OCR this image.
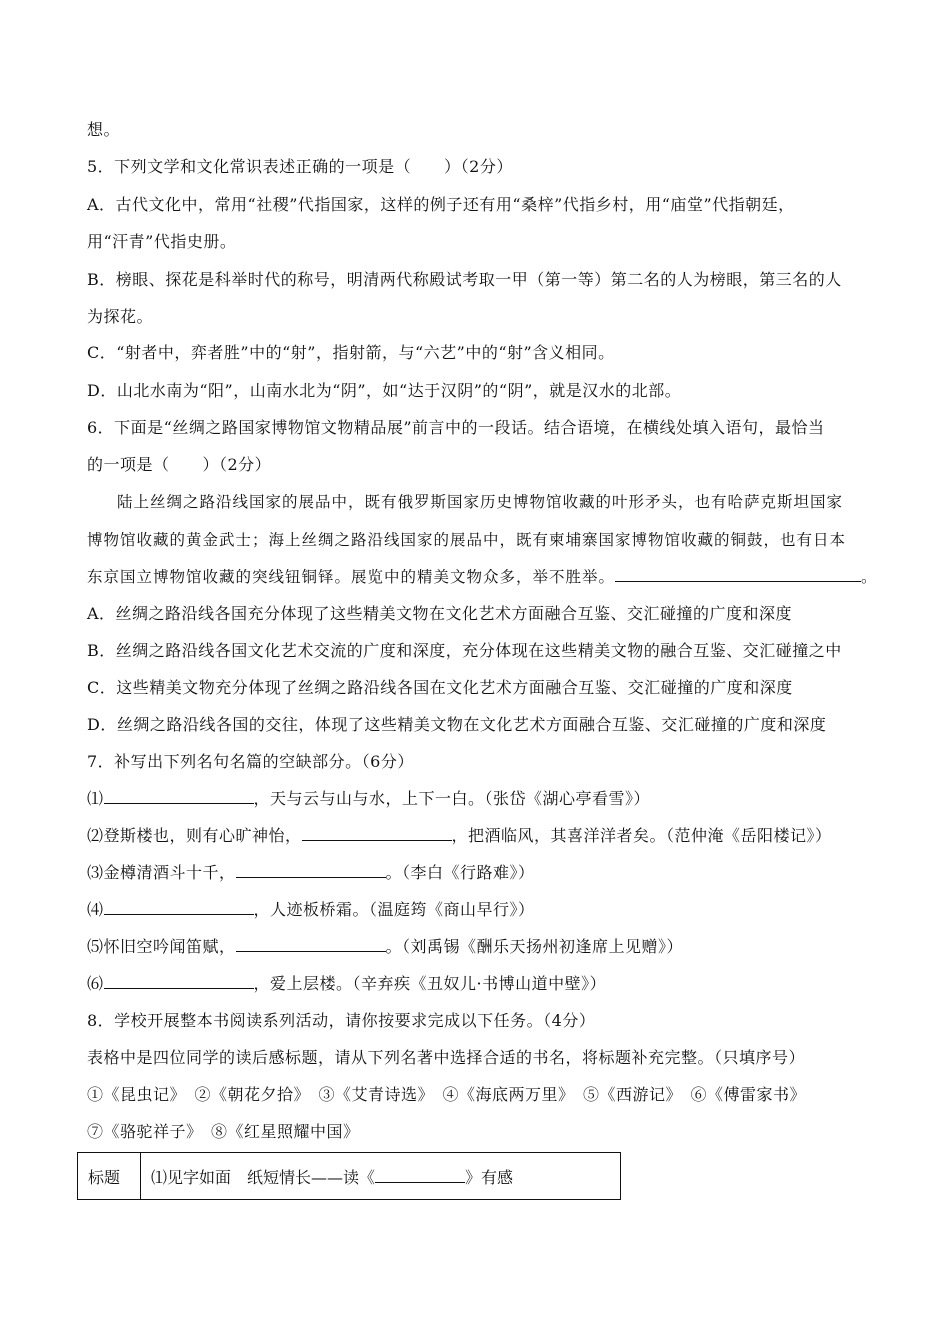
想。
5．下列文学和文化常识表述正确的一项是（　　）（2分）
A．古代文化中，常用“社稷”代指国家，这样的例子还有用“桑梓”代指乡村，用“庙堂”代指朝廷，
用“汗青”代指史册。
B．榜眼、探花是科举时代的称号，明清两代称殿试考取一甲（第一等）第二名的人为榜眼，第三名的人
为探花。
C．“射者中，弈者胜”中的“射”，指射箭，与“六艺”中的“射”含义相同。
D．山北水南为“阳”，山南水北为“阴”，如“达于汉阴”的“阴”，就是汉水的北部。
6．下面是“丝绸之路国家博物馆文物精品展”前言中的一段话。结合语境，在横线处填入语句，最恰当
的一项是（　　）（2分）
陆上丝绸之路沿线国家的展品中，既有俄罗斯国家历史博物馆收藏的叶形矛头，也有哈萨克斯坦国家
博物馆收藏的黄金武士；海上丝绸之路沿线国家的展品中，既有柬埔寨国家博物馆收藏的铜鼓，也有日本
东京国立博物馆收藏的突线钮铜铎。展览中的精美文物众多，举不胜举。	。
A．丝绸之路沿线各国充分体现了这些精美文物在文化艺术方面融合互鉴、交汇碰撞的广度和深度
B．丝绸之路沿线各国文化艺术交流的广度和深度，充分体现在这些精美文物的融合互鉴、交汇碰撞之中
C．这些精美文物充分体现了丝绸之路沿线各国在文化艺术方面融合互鉴、交汇碰撞的广度和深度
D．丝绸之路沿线各国的交往，体现了这些精美文物在文化艺术方面融合互鉴、交汇碰撞的广度和深度
7．补写出下列名句名篇的空缺部分。（6分）
⑴	，天与云与山与水，上下一白。（张岱《湖心亭看雪》）
⑵登斯楼也，则有心旷神怡，	，把酒临风，其喜洋洋者矣。（范仲淹《岳阳楼记》）
⑶金樽清酒斗十千，	。（李白《行路难》）
⑷	，人迹板桥霜。（温庭筠《商山早行》）
⑸怀旧空吟闻笛赋，	。（刘禹锡《酬乐天扬州初逢席上见赠》）
⑹	，爱上层楼。（辛弃疾《丑奴儿·书博山道中壁》）
8．学校开展整本书阅读系列活动，请你按要求完成以下任务。（4分）
表格中是四位同学的读后感标题，请从下列名著中选择合适的书名，将标题补充完整。（只填序号）
①《昆虫记》　②《朝花夕拾》　③《艾青诗选》　④《海底两万里》　⑤《西游记》　⑥《傅雷家书》
⑦《骆驼祥子》　⑧《红星照耀中国》
标题	⑴见字如面　纸短情长——读《	》有感
